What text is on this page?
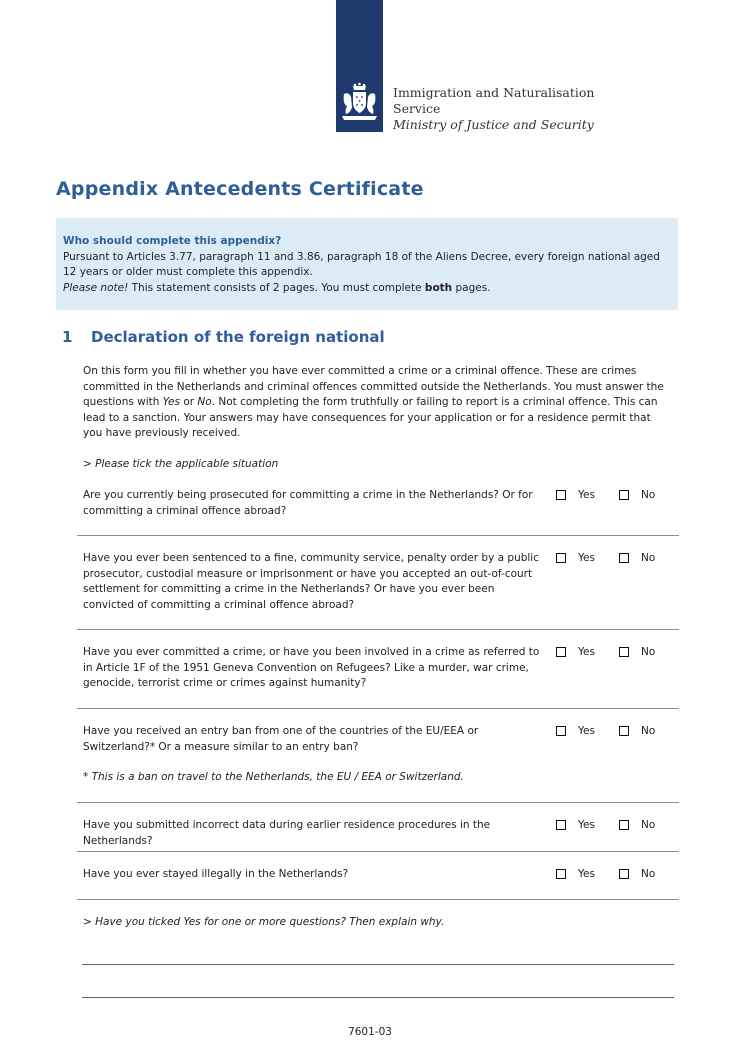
Immigration and Naturalisation
Service
Ministry of Justice and Security
Appendix Antecedents Certificate
Who should complete this appendix?
Pursuant to Articles 3.77, paragraph 11 and 3.86, paragraph 18 of the Aliens Decree, every foreign national aged 12 years or older must complete this appendix.
Please note! This statement consists of 2 pages. You must complete both pages.
1 Declaration of the foreign national
On this form you fill in whether you have ever committed a crime or a criminal offence. These are crimes committed in the Netherlands and criminal offences committed outside the Netherlands. You must answer the questions with Yes or No. Not completing the form truthfully or failing to report is a criminal offence. This can lead to a sanction. Your answers may have consequences for your application or for a residence permit that you have previously received.
> Please tick the applicable situation
Are you currently being prosecuted for committing a crime in the Netherlands? Or for committing a criminal offence abroad?
Yes	No
Have you ever been sentenced to a fine, community service, penalty order by a public prosecutor, custodial measure or imprisonment or have you accepted an out-of-court settlement for committing a crime in the Netherlands? Or have you ever been convicted of committing a criminal offence abroad?
Yes	No
Have you ever committed a crime, or have you been involved in a crime as referred to in Article 1F of the 1951 Geneva Convention on Refugees? Like a murder, war crime, genocide, terrorist crime or crimes against humanity?
Yes	No
Have you received an entry ban from one of the countries of the EU/EEA or Switzerland?* Or a measure similar to an entry ban?
Yes	No
* This is a ban on travel to the Netherlands, the EU / EEA or Switzerland.
Have you submitted incorrect data during earlier residence procedures in the Netherlands?
Yes	No
Have you ever stayed illegally in the Netherlands?	Yes	No
> Have you ticked Yes for one or more questions? Then explain why.
7601-03
